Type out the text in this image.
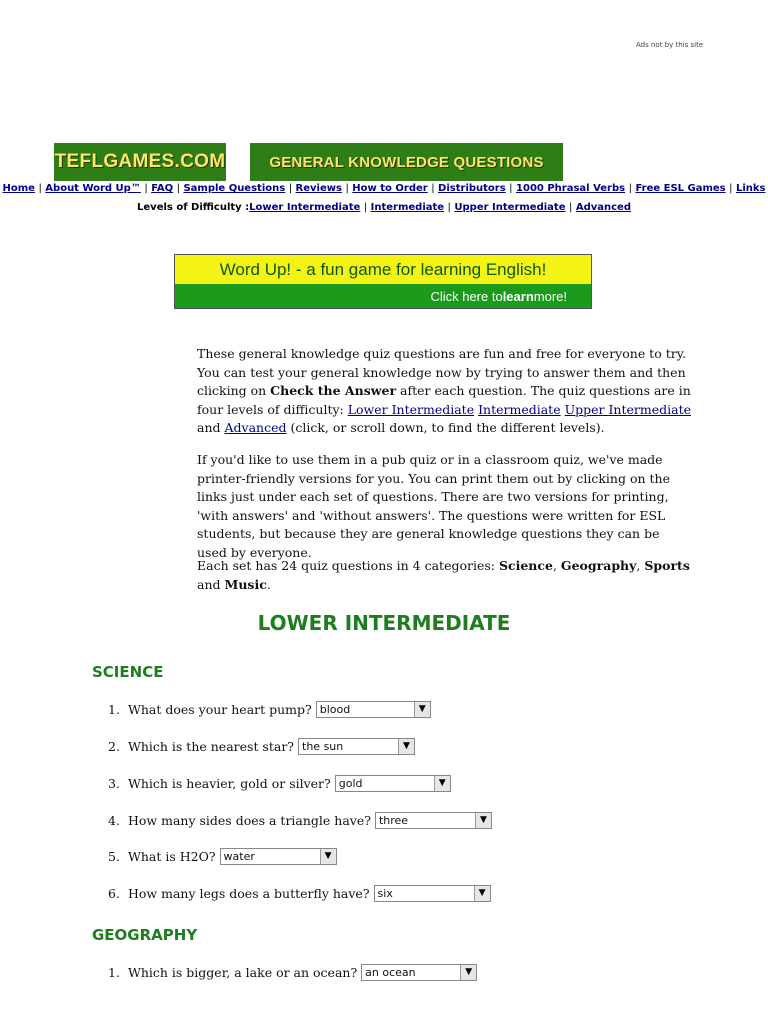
Ads not by this site
TEFLGAMES.COM	GENERAL KNOWLEDGE QUESTIONS
Home | About Word Up™ | FAQ | Sample Questions | Reviews | How to Order | Distributors | 1000 Phrasal Verbs | Free ESL Games | Links
Levels of Difficulty :Lower Intermediate | Intermediate | Upper Intermediate | Advanced
Word Up! - a fun game for learning English!
Click here to learn more!
These general knowledge quiz questions are fun and free for everyone to try. You can test your general knowledge now by trying to answer them and then clicking on Check the Answer after each question. The quiz questions are in four levels of difficulty: Lower Intermediate Intermediate Upper Intermediate and Advanced (click, or scroll down, to find the different levels).
If you'd like to use them in a pub quiz or in a classroom quiz, we've made printer-friendly versions for you. You can print them out by clicking on the links just under each set of questions. There are two versions for printing, 'with answers' and 'without answers'. The questions were written for ESL students, but because they are general knowledge questions they can be used by everyone.
Each set has 24 quiz questions in 4 categories: Science, Geography, Sports and Music.
LOWER INTERMEDIATE
SCIENCE
1. What does your heart pump? blood	▼
2. Which is the nearest star? the sun	▼
3. Which is heavier, gold or silver? gold	▼
4. How many sides does a triangle have? three	▼
5. What is H2O? water	▼
6. How many legs does a butterfly have? six	▼
GEOGRAPHY
1. Which is bigger, a lake or an ocean? an ocean	▼
